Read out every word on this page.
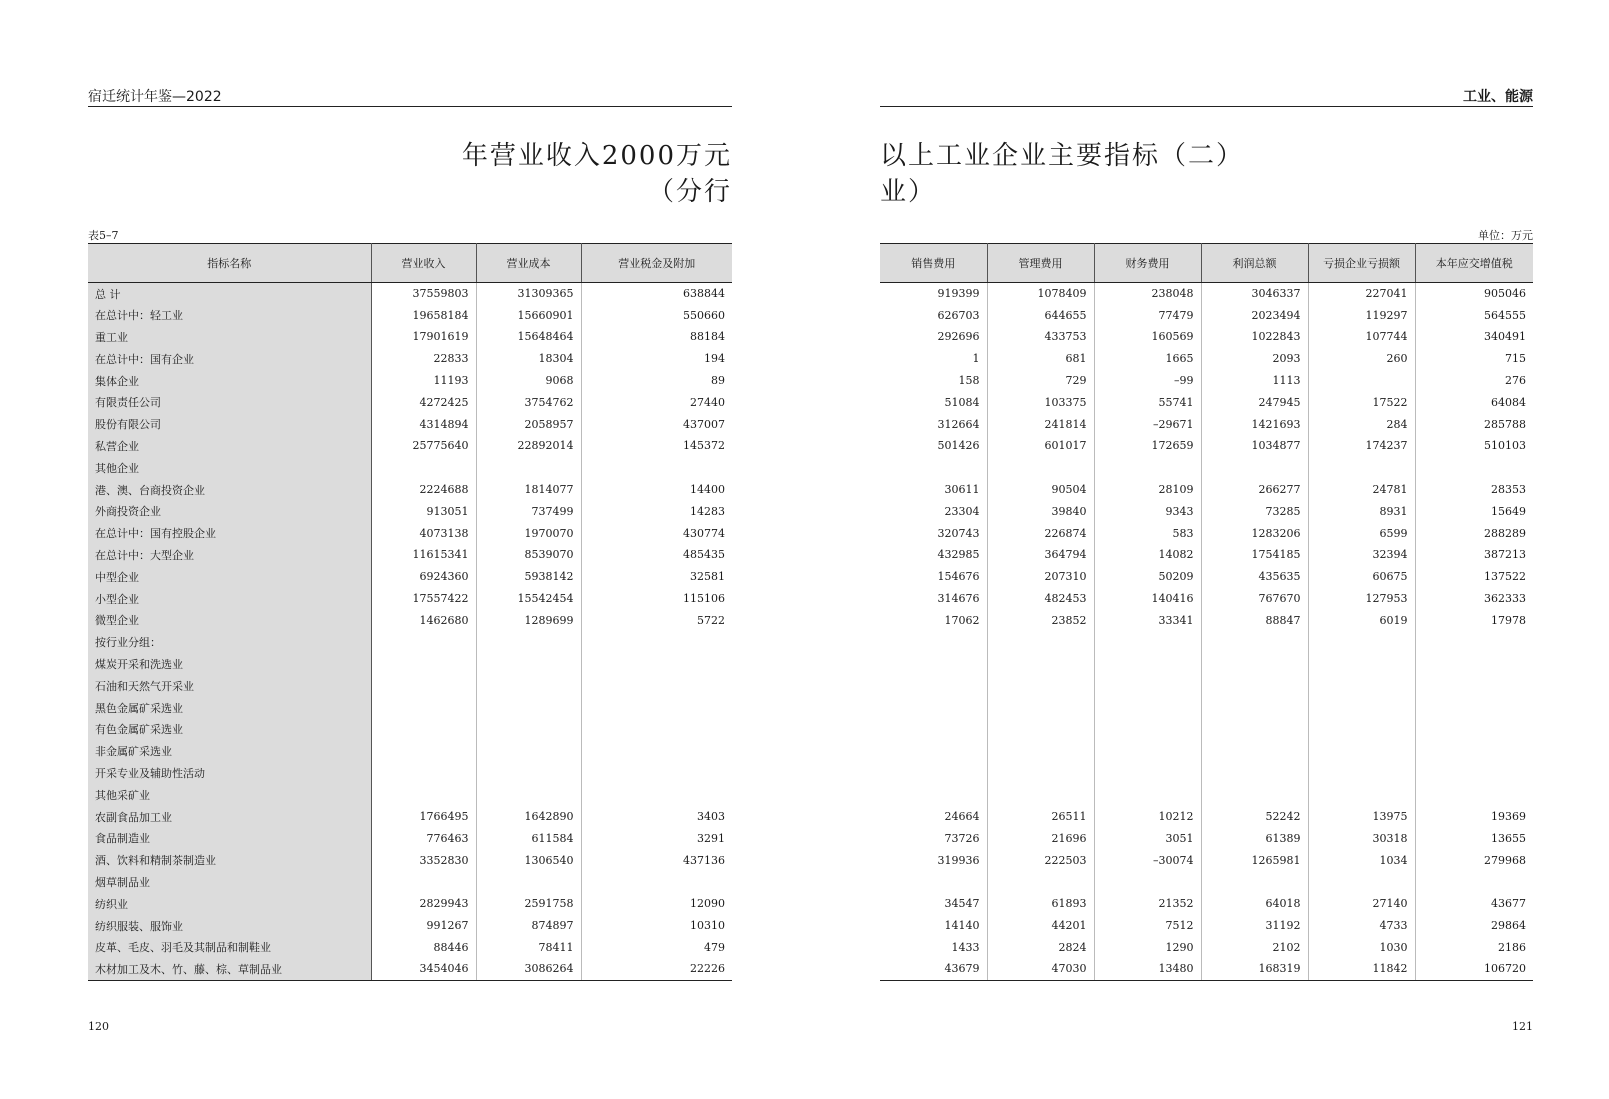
宿迁统计年鉴—2022	工业、能源
年营业收入2000万元
（分行
以上工业企业主要指标（二）
业）
表5–7	单位：万元
指标名称	营业收入	营业成本	营业税金及附加
总 计	37559803	31309365	638844
在总计中：轻工业	19658184	15660901	550660
重工业	17901619	15648464	88184
在总计中：国有企业	22833	18304	194
集体企业	11193	9068	89
有限责任公司	4272425	3754762	27440
股份有限公司	4314894	2058957	437007
私营企业	25775640	22892014	145372
其他企业			
港、澳、台商投资企业	2224688	1814077	14400
外商投资企业	913051	737499	14283
在总计中：国有控股企业	4073138	1970070	430774
在总计中：大型企业	11615341	8539070	485435
中型企业	6924360	5938142	32581
小型企业	17557422	15542454	115106
微型企业	1462680	1289699	5722
按行业分组：			
煤炭开采和洗选业			
石油和天然气开采业			
黑色金属矿采选业			
有色金属矿采选业			
非金属矿采选业			
开采专业及辅助性活动			
其他采矿业			
农副食品加工业	1766495	1642890	3403
食品制造业	776463	611584	3291
酒、饮料和精制茶制造业	3352830	1306540	437136
烟草制品业			
纺织业	2829943	2591758	12090
纺织服装、服饰业	991267	874897	10310
皮革、毛皮、羽毛及其制品和制鞋业	88446	78411	479
木材加工及木、竹、藤、棕、草制品业	3454046	3086264	22226
销售费用	管理费用	财务费用	利润总额	亏损企业亏损额	本年应交增值税
919399	1078409	238048	3046337	227041	905046
626703	644655	77479	2023494	119297	564555
292696	433753	160569	1022843	107744	340491
1	681	1665	2093	260	715
158	729	–99	1113		276
51084	103375	55741	247945	17522	64084
312664	241814	–29671	1421693	284	285788
501426	601017	172659	1034877	174237	510103

30611	90504	28109	266277	24781	28353
23304	39840	9343	73285	8931	15649
320743	226874	583	1283206	6599	288289
432985	364794	14082	1754185	32394	387213
154676	207310	50209	435635	60675	137522
314676	482453	140416	767670	127953	362333
17062	23852	33341	88847	6019	17978

24664	26511	10212	52242	13975	19369
73726	21696	3051	61389	30318	13655
319936	222503	–30074	1265981	1034	279968

34547	61893	21352	64018	27140	43677
14140	44201	7512	31192	4733	29864
1433	2824	1290	2102	1030	2186
43679	47030	13480	168319	11842	106720
120	121
